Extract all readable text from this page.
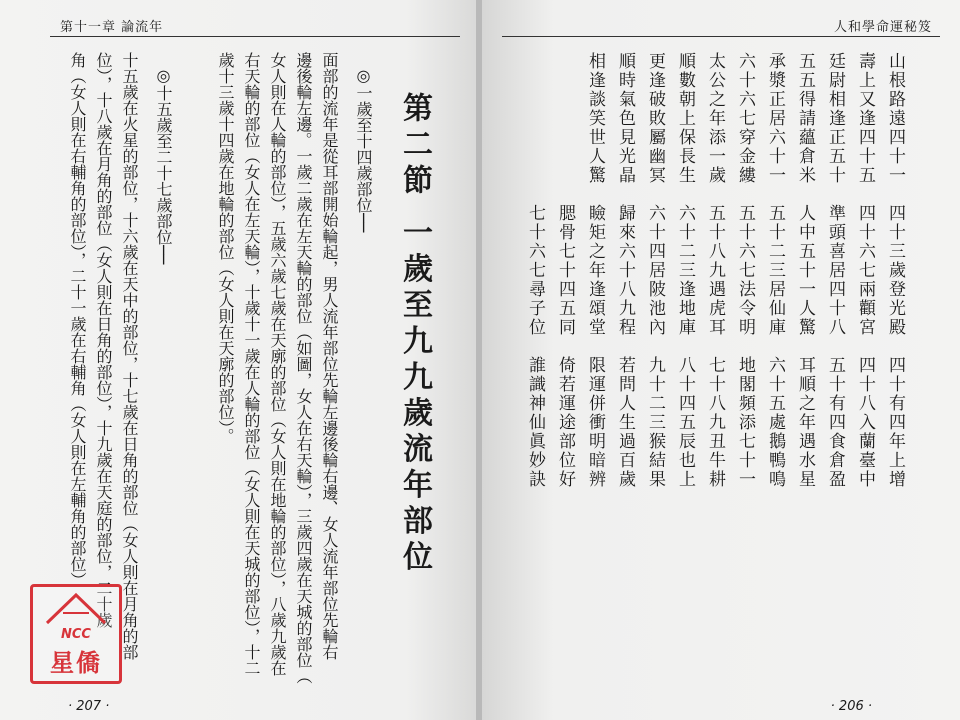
第十一章 論流年
第二節 一歲至九九歲流年部位
◎一歲至十四歲部位──
面部的流年是從耳部開始輪起，男人流年部位先輪左邊後輪右邊、女人流年部位先輪右
邊後輪左邊。一歲二歲在左天輪的部位（如圖，女人在右天輪），三歲四歲在天城的部位（
女人則在人輪的部位），五歲六歲七歲在天廓的部位（女人則在地輪的部位），八歲九歲在
右天輪的部位（女人在左天輪），十歲十一歲在人輪的部位（女人則在天城的部位），十二
歲十三歲十四歲在地輪的部位（女人則在天廓的部位）。
◎十五歲至二十七歲部位──
十五歲在火星的部位，十六歲在天中的部位，十七歲在日角的部位（女人則在月角的部
位），十八歲在月角的部位（女人則在日角的部位），十九歲在天庭的部位，二十歲
角（女人則在右輔角的部位），二十一歲在右輔角（女人則在左輔角的部位）
NCC
星僑
· 207 ·
人和學命運秘笈
山根路遠四十一　四十三歲登光殿　四十有四年上增
壽上又逢四十五　四十六七兩顴宮　四十八入蘭臺中
廷尉相逢正五十　準頭喜居四十八　五十有四食倉盈
五五得請蘊倉米　人中五十一人驚　耳順之年遇水星
承漿正居六十一　五十二三居仙庫　六十五處鵝鴨鳴
六十六七穿金縷　五十六七法令明　地閣頻添七十一
太公之年添一歲　五十八九遇虎耳　七十八九丑牛耕
順數朝上保長生　六十二三逢地庫　八十四五辰也上
更逢破敗屬幽冥　六十四居陂池內　九十二三猴結果
順時氣色見光晶　歸來六十八九程　若問人生過百歲
相逢談笑世人驚　瞼矩之年逢頌堂　限運併衝明暗辨
　　　　　　　　腮骨七十四五同　倚若運途部位好
　　　　　　　　七十六七尋子位　誰識神仙眞妙訣
· 206 ·
